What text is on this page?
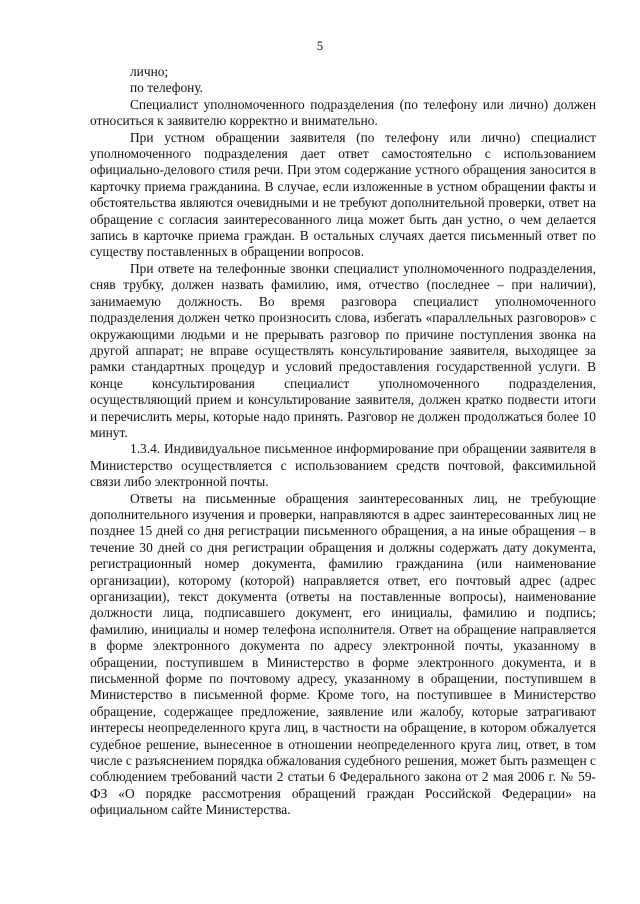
5

лично;

по телефону.

Специалист уполномоченного подразделения (по телефону или лично) должен относиться к заявителю корректно и внимательно.

При устном обращении заявителя (по телефону или лично) специалист уполномоченного подразделения дает ответ самостоятельно с использованием официально-делового стиля речи. При этом содержание устного обращения заносится в карточку приема гражданина. В случае, если изложенные в устном обращении факты и обстоятельства являются очевидными и не требуют дополнительной проверки, ответ на обращение с согласия заинтересованного лица может быть дан устно, о чем делается запись в карточке приема граждан. В остальных случаях дается письменный ответ по существу поставленных в обращении вопросов.

При ответе на телефонные звонки специалист уполномоченного подразделения, сняв трубку, должен назвать фамилию, имя, отчество (последнее – при наличии), занимаемую должность. Во время разговора специалист уполномоченного подразделения должен четко произносить слова, избегать «параллельных разговоров» с окружающими людьми и не прерывать разговор по причине поступления звонка на другой аппарат; не вправе осуществлять консультирование заявителя, выходящее за рамки стандартных процедур и условий предоставления государственной услуги. В конце консультирования специалист уполномоченного подразделения, осуществляющий прием и консультирование заявителя, должен кратко подвести итоги и перечислить меры, которые надо принять. Разговор не должен продолжаться более 10 минут.

1.3.4. Индивидуальное письменное информирование при обращении заявителя в Министерство осуществляется с использованием средств почтовой, факсимильной связи либо электронной почты.

Ответы на письменные обращения заинтересованных лиц, не требующие дополнительного изучения и проверки, направляются в адрес заинтересованных лиц не позднее 15 дней со дня регистрации письменного обращения, а на иные обращения – в течение 30 дней со дня регистрации обращения и должны содержать дату документа, регистрационный номер документа, фамилию гражданина (или наименование организации), которому (которой) направляется ответ, его почтовый адрес (адрес организации), текст документа (ответы на поставленные вопросы), наименование должности лица, подписавшего документ, его инициалы, фамилию и подпись; фамилию, инициалы и номер телефона исполнителя. Ответ на обращение направляется в форме электронного документа по адресу электронной почты, указанному в обращении, поступившем в Министерство в форме электронного документа, и в письменной форме по почтовому адресу, указанному в обращении, поступившем в Министерство в письменной форме. Кроме того, на поступившее в Министерство обращение, содержащее предложение, заявление или жалобу, которые затрагивают интересы неопределенного круга лиц, в частности на обращение, в котором обжалуется судебное решение, вынесенное в отношении неопределенного круга лиц, ответ, в том числе с разъяснением порядка обжалования судебного решения, может быть размещен с соблюдением требований части 2 статьи 6 Федерального закона от 2 мая 2006 г. № 59-ФЗ «О порядке рассмотрения обращений граждан Российской Федерации» на официальном сайте Министерства.
